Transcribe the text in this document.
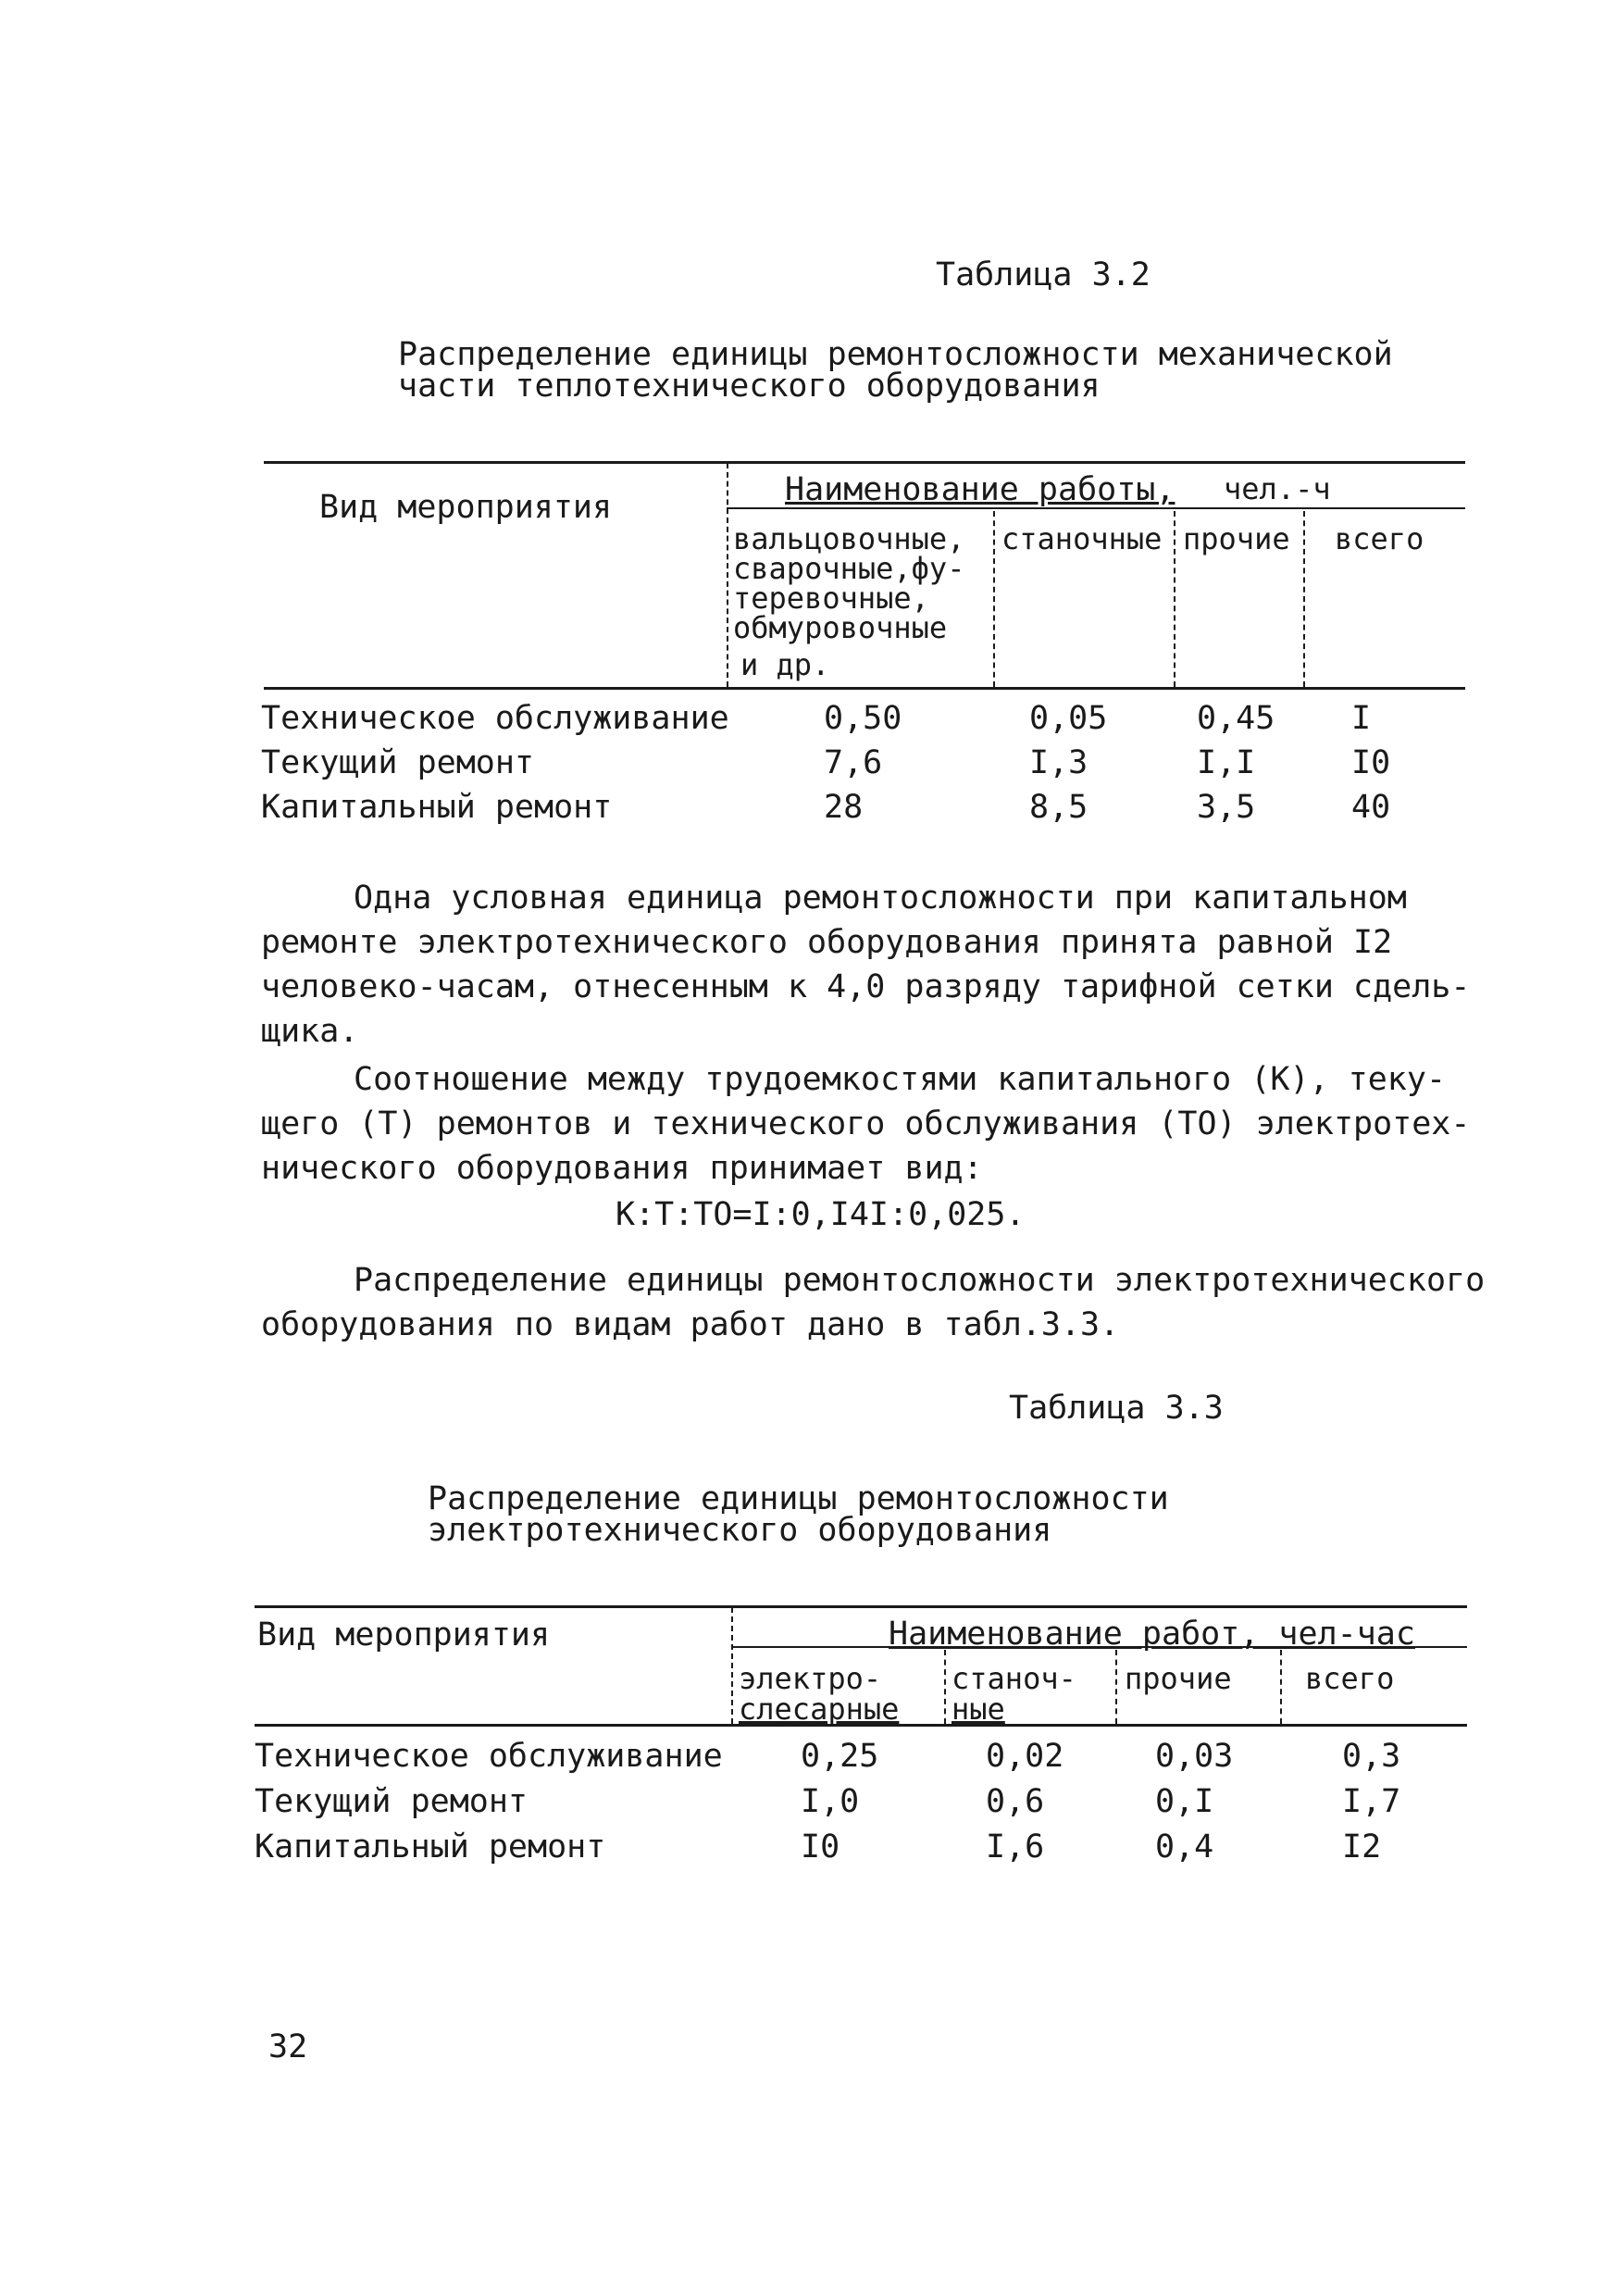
Таблица 3.2
Распределение единицы ремонтосложности механической
части теплотехнического оборудования
Вид мероприятия	Наименование работы, чел.-ч
вальцовочные,
сварочные,фу-
теревочные,
обмуровочные
и др.
станочные прочие всего
Техническое обслуживание	0,50	0,05	0,45 I
Текущий ремонт	7,6	I,3	I,I	I0
Капитальный ремонт	28	8,5	3,5	40
Одна условная единица ремонтосложности при капитальном
ремонте электротехнического оборудования принята равной I2
человеко-часам, отнесенным к 4,0 разряду тарифной сетки сдель-
щика.
Соотношение между трудоемкостями капитального (К), теку-
щего (Т) ремонтов и технического обслуживания (ТО) электротех-
нического оборудования принимает вид:
К:Т:ТО=I:0,I4I:0,025.
Распределение единицы ремонтосложности электротехнического
оборудования по видам работ дано в табл.3.3.
Таблица 3.3
Распределение единицы ремонтосложности
электротехнического оборудования
Вид мероприятия	Наименование работ, чел-час
электро-
слесарные
станоч-
ные
прочие всего
Техническое обслуживание 0,25	0,02	0,03	0,3
Текущий ремонт	I,0	0,6	0,I	I,7
Капитальный ремонт	I0	I,6	0,4	I2
32
